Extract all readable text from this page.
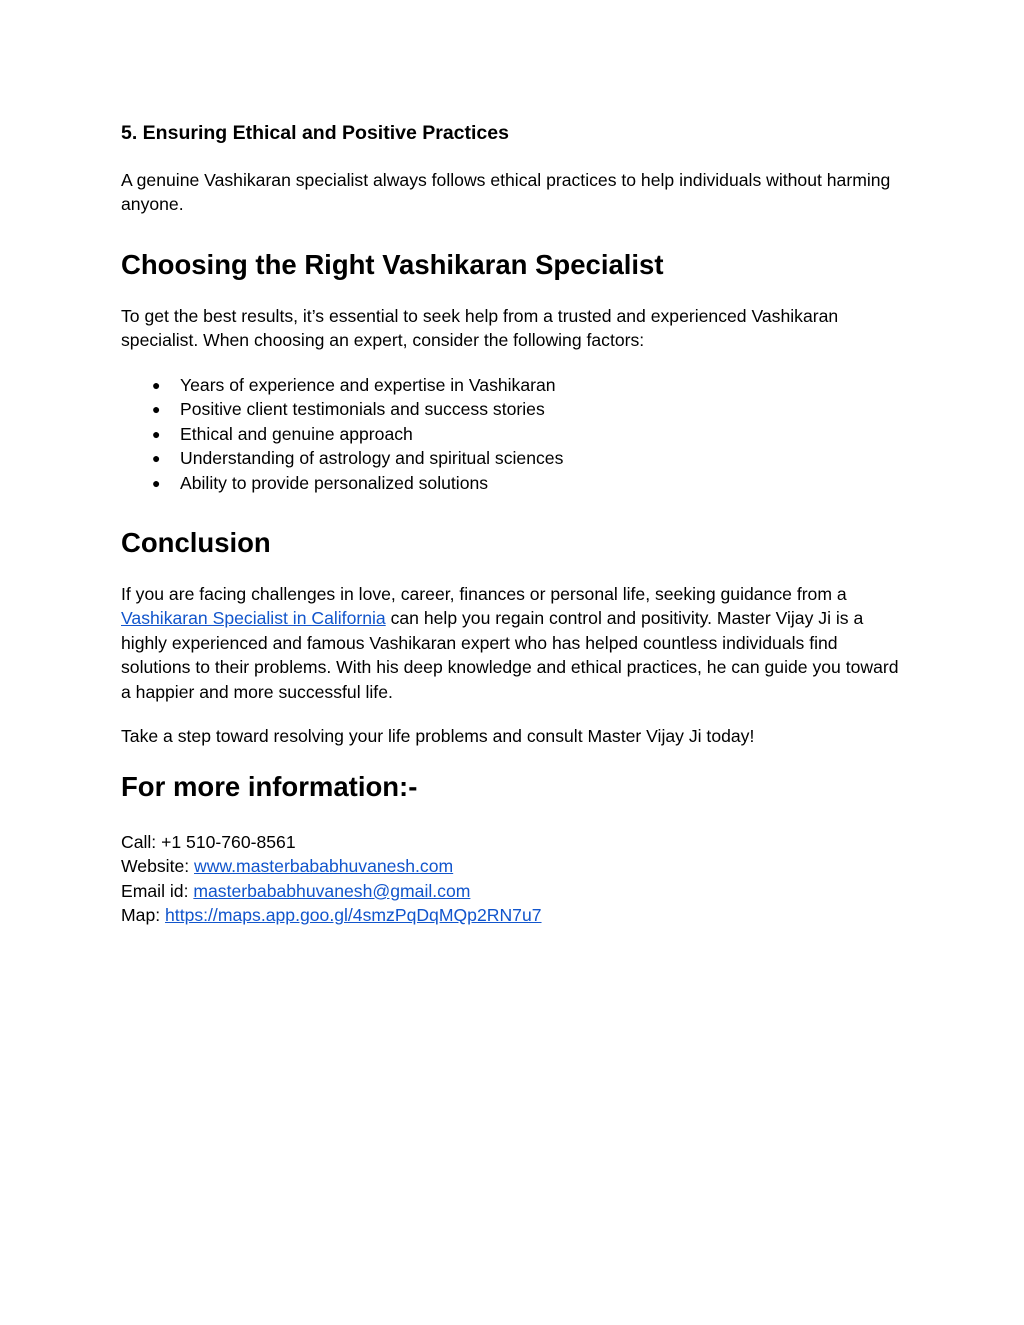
5. Ensuring Ethical and Positive Practices

A genuine Vashikaran specialist always follows ethical practices to help individuals without harming anyone.

Choosing the Right Vashikaran Specialist

To get the best results, it’s essential to seek help from a trusted and experienced Vashikaran specialist. When choosing an expert, consider the following factors:

● Years of experience and expertise in Vashikaran
● Positive client testimonials and success stories
● Ethical and genuine approach
● Understanding of astrology and spiritual sciences
● Ability to provide personalized solutions
Conclusion

If you are facing challenges in love, career, finances or personal life, seeking guidance from a Vashikaran Specialist in California can help you regain control and positivity. Master Vijay Ji is a highly experienced and famous Vashikaran expert who has helped countless individuals find solutions to their problems. With his deep knowledge and ethical practices, he can guide you toward a happier and more successful life.

Take a step toward resolving your life problems and consult Master Vijay Ji today!

For more information:-

Call: +1 510-760-8561

Website: www.masterbababhuvanesh.com

Email id: masterbababhuvanesh@gmail.com

Map: https://maps.app.goo.gl/4smzPqDqMQp2RN7u7
